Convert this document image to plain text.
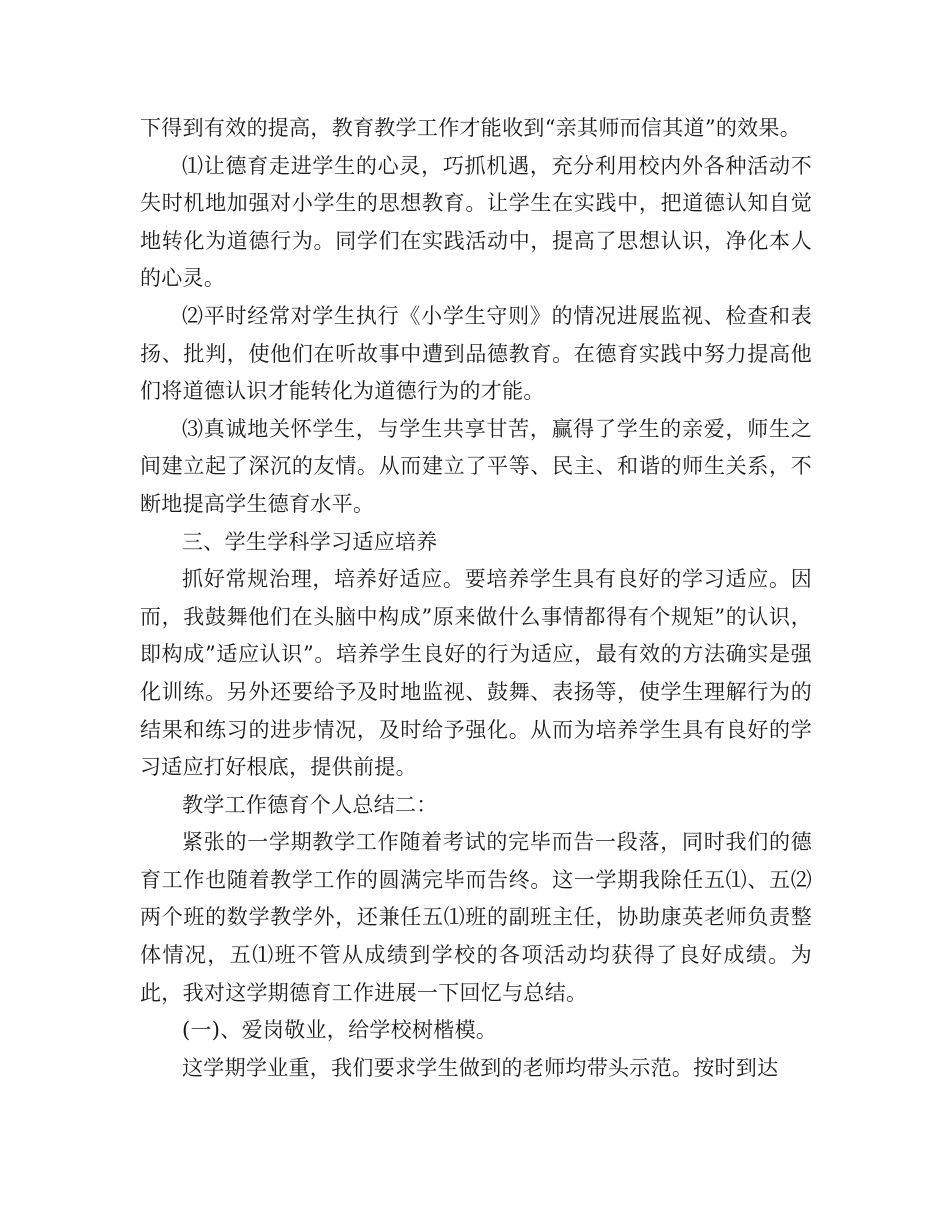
下得到有效的提高，教育教学工作才能收到“亲其师而信其道”的效果。

⑴让德育走进学生的心灵，巧抓机遇，充分利用校内外各种活动不失时机地加强对小学生的思想教育。让学生在实践中，把道德认知自觉地转化为道德行为。同学们在实践活动中，提高了思想认识，净化本人的心灵。

⑵平时经常对学生执行《小学生守则》的情况进展监视、检查和表扬、批判，使他们在听故事中遭到品德教育。在德育实践中努力提高他们将道德认识才能转化为道德行为的才能。

⑶真诚地关怀学生，与学生共享甘苦，赢得了学生的亲爱，师生之间建立起了深沉的友情。从而建立了平等、民主、和谐的师生关系，不断地提高学生德育水平。

三、学生学科学习适应培养

抓好常规治理，培养好适应。要培养学生具有良好的学习适应。因而，我鼓舞他们在头脑中构成”原来做什么事情都得有个规矩”的认识，即构成”适应认识”。培养学生良好的行为适应，最有效的方法确实是强化训练。另外还要给予及时地监视、鼓舞、表扬等，使学生理解行为的结果和练习的进步情况，及时给予强化。从而为培养学生具有良好的学习适应打好根底，提供前提。

教学工作德育个人总结二：

紧张的一学期教学工作随着考试的完毕而告一段落，同时我们的德育工作也随着教学工作的圆满完毕而告终。这一学期我除任五⑴、五⑵两个班的数学教学外，还兼任五⑴班的副班主任，协助康英老师负责整体情况，五⑴班不管从成绩到学校的各项活动均获得了良好成绩。为此，我对这学期德育工作进展一下回忆与总结。

(一)、爱岗敬业，给学校树楷模。

这学期学业重，我们要求学生做到的老师均带头示范。按时到达
